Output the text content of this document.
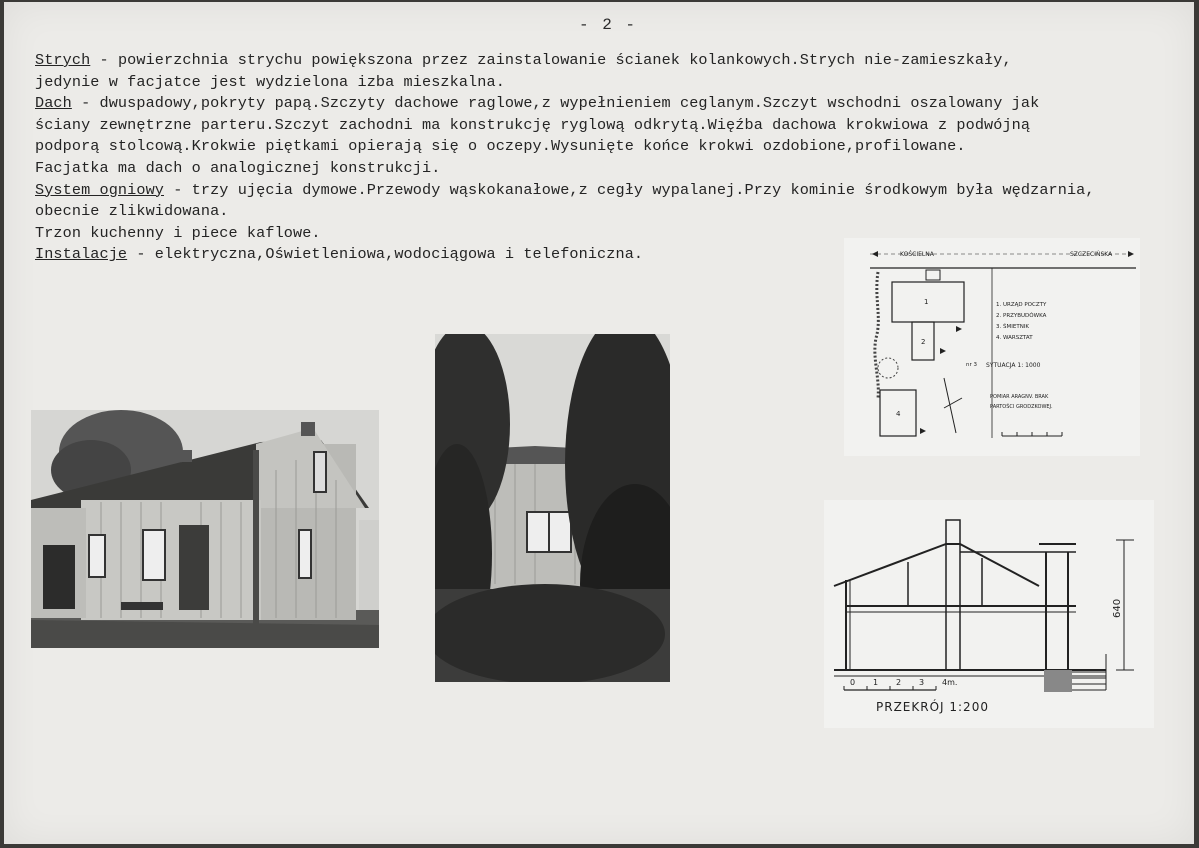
- 2 -
Strych - powierzchnia strychu powiększona przez zainstalowanie ścianek kolankowych.Strych nie-zamieszkały,
jedynie w facjatce jest wydzielona izba mieszkalna.
Dach - dwuspadowy,pokryty papą.Szczyty dachowe raglowe,z wypełnieniem ceglanym.Szczyt wschodni oszalowany jak
ściany zewnętrzne parteru.Szczyt zachodni ma konstrukcję ryglową odkrytą.Więźba dachowa krokwiowa z podwójną
podporą stolcową.Krokwie piętkami opierają się o oczepy.Wysunięte końce krokwi ozdobione,profilowane.
Facjatka ma dach o analogicznej konstrukcji.
System ogniowy - trzy ujęcia dymowe.Przewody wąskokanałowe,z cegły wypalanej.Przy kominie środkowym była wędzarnia,
obecnie zlikwidowana.
Trzon kuchenny i piece kaflowe.
Instalacje - elektryczna,Oświetleniowa,wodociągowa i telefoniczna.	KOŚCIELNA	SZCZECIŃSKA
1
2
4
nr 3
1. URZĄD POCZTY
2. PRZYBUDÓWKA
3. ŚMIETNIK
4. WARSZTAT
SYTUACJA 1: 1000
POMIAR ARAGNV. BRAK
PARTOŚCI GRODZKOWEJ.
640
0 1 2 3 4m.
PRZEKRÓJ 1:200
